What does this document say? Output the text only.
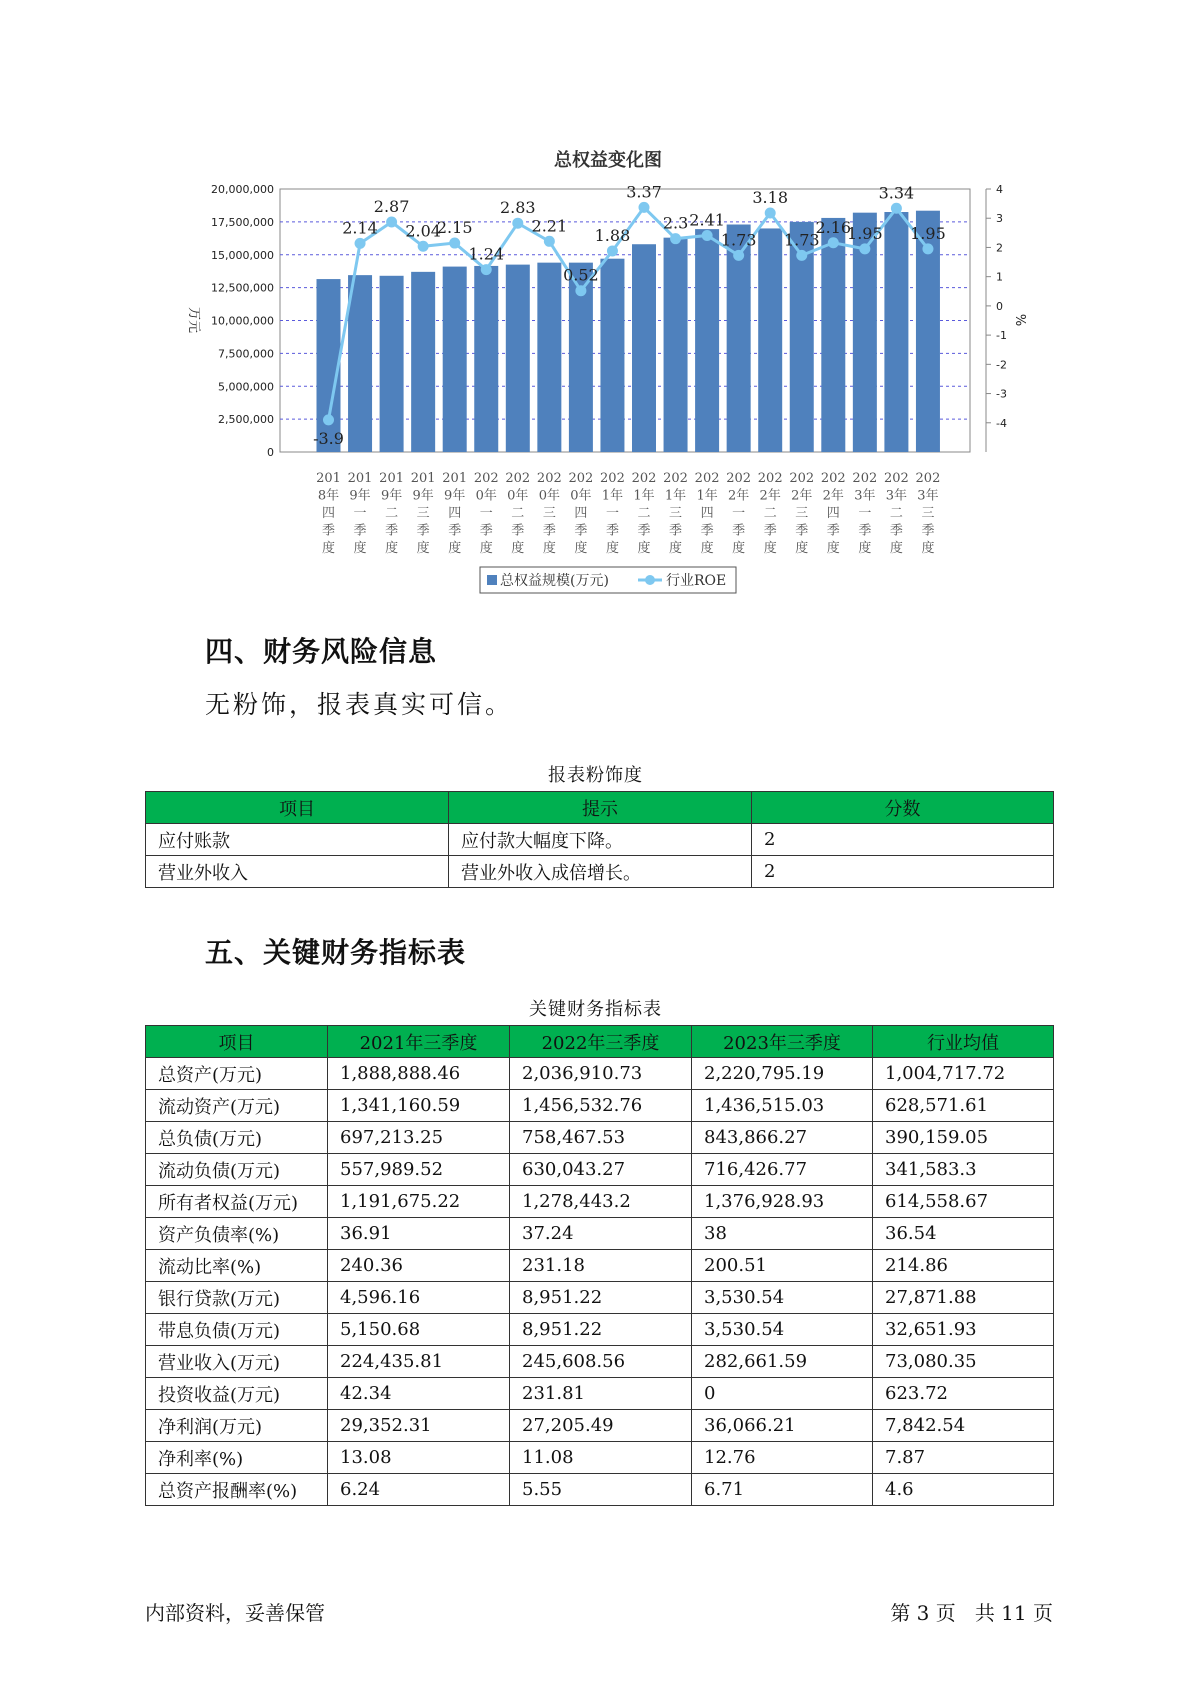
总权益变化图
20,000,000
17,500,000
15,000,000
12,500,000
10,000,000
7,500,000
5,000,000
2,500,000
0
4
3
2
1
0
-1
-2
-3
-4
万元	%
201
8年
四
季
度
201
9年
一
季
度
201
9年
二
季
度
201
9年
三
季
度
201
9年
四
季
度
202
0年
一
季
度
202
0年
二
季
度
202
0年
三
季
度
202
0年
四
季
度
202
1年
一
季
度
202
1年
二
季
度
202
1年
三
季
度
202
1年
四
季
度
202
2年
一
季
度
202
2年
二
季
度
202
2年
三
季
度
202
2年
四
季
度
202
3年
一
季
度
202
3年
二
季
度
202
3年
三
季
度
-3.9
2.14
2.87
2.04
2.15
1.24
2.83
2.21
0.52
1.88
3.37
2.3 2.41
1.73
3.18
1.73
2.16
1.95
3.34
1.95
总权益规模(万元)	行业ROE
四、财务风险信息
无粉饰，报表真实可信。
报表粉饰度
项目	提示	分数
应付账款	应付款大幅度下降。	2
营业外收入	营业外收入成倍增长。	2
五、关键财务指标表
关键财务指标表
项目	2021年三季度	2022年三季度	2023年三季度	行业均值
总资产(万元)	1,888,888.46	2,036,910.73	2,220,795.19	1,004,717.72
流动资产(万元)	1,341,160.59	1,456,532.76	1,436,515.03	628,571.61
总负债(万元)	697,213.25	758,467.53	843,866.27	390,159.05
流动负债(万元)	557,989.52	630,043.27	716,426.77	341,583.3
所有者权益(万元)	1,191,675.22	1,278,443.2	1,376,928.93	614,558.67
资产负债率(%)	36.91	37.24	38	36.54
流动比率(%)	240.36	231.18	200.51	214.86
银行贷款(万元)	4,596.16	8,951.22	3,530.54	27,871.88
带息负债(万元)	5,150.68	8,951.22	3,530.54	32,651.93
营业收入(万元)	224,435.81	245,608.56	282,661.59	73,080.35
投资收益(万元)	42.34	231.81	0	623.72
净利润(万元)	29,352.31	27,205.49	36,066.21	7,842.54
净利率(%)	13.08	11.08	12.76	7.87
总资产报酬率(%)	6.24	5.55	6.71	4.6
内部资料，妥善保管	第 3 页   共 11 页
